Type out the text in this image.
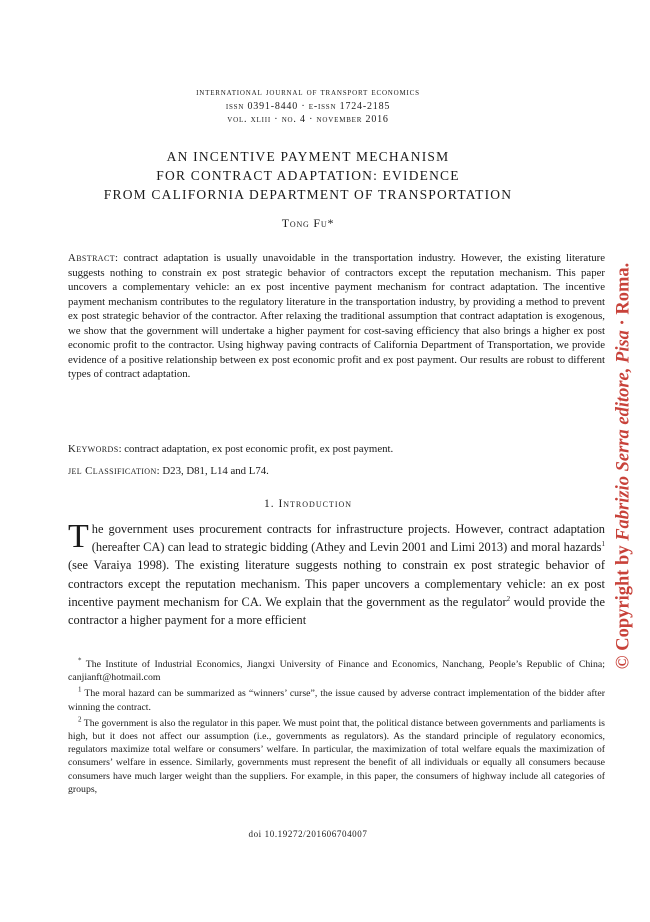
international journal of transport economics
issn 0391-8440 · e-issn 1724-2185
vol. xliii · no. 4 · november 2016
AN INCENTIVE PAYMENT MECHANISM
FOR CONTRACT ADAPTATION: EVIDENCE
FROM CALIFORNIA DEPARTMENT OF TRANSPORTATION
Tong Fu*

Abstract: contract adaptation is usually unavoidable in the transportation industry. However, the existing literature suggests nothing to constrain ex post strategic behavior of contractors except the reputation mechanism. This paper uncovers a complementary vehicle: an ex post incentive payment mechanism for contract adaptation. The incentive payment mechanism contributes to the regulatory literature in the transportation industry, by providing a method to prevent ex post strategic behavior of the contractor. After relaxing the traditional assumption that contract adaptation is exogenous, we show that the government will undertake a higher payment for cost-saving efficiency that also brings a higher ex post economic profit to the contractor. Using highway paving contracts of California Department of Transportation, we provide evidence of a positive relationship between ex post economic profit and ex post payment. Our results are robust to different types of contract adaptation.

Keywords: contract adaptation, ex post economic profit, ex post payment.

jel Classification: D23, D81, L14 and L74.

1. Introduction

The government uses procurement contracts for infrastructure projects. However, contract adaptation (hereafter CA) can lead to strategic bidding (Athey and Levin 2001 and Limi 2013) and moral hazards$^1$ (see Varaiya 1998). The existing literature suggests nothing to constrain ex post strategic behavior of contractors except the reputation mechanism. This paper uncovers a complementary vehicle: an ex post incentive payment mechanism for CA. We explain that the government as the regulator$^2$ would provide the contractor a higher payment for a more efficient

* The Institute of Industrial Economics, Jiangxi University of Finance and Economics, Nanchang, People’s Republic of China; canjianft@hotmail.com

$^1$ The moral hazard can be summarized as “winners’ curse”, the issue caused by adverse contract implementation of the bidder after winning the contract.

$^2$ The government is also the regulator in this paper. We must point that, the political distance between governments and parliaments is high, but it does not affect our assumption (i.e., governments as regulators). As the standard principle of regulatory economics, regulators maximize total welfare or consumers’ welfare. In particular, the maximization of total welfare equals the maximization of consumers’ welfare in essence. Similarly, governments must represent the benefit of all individuals or equally all consumers because consumers have much larger weight than the suppliers. For example, in this paper, the consumers of highway include all categories of groups,

doi 10.19272/201606704007
© Copyright by Fabrizio Serra editore, Pisa · Roma.
